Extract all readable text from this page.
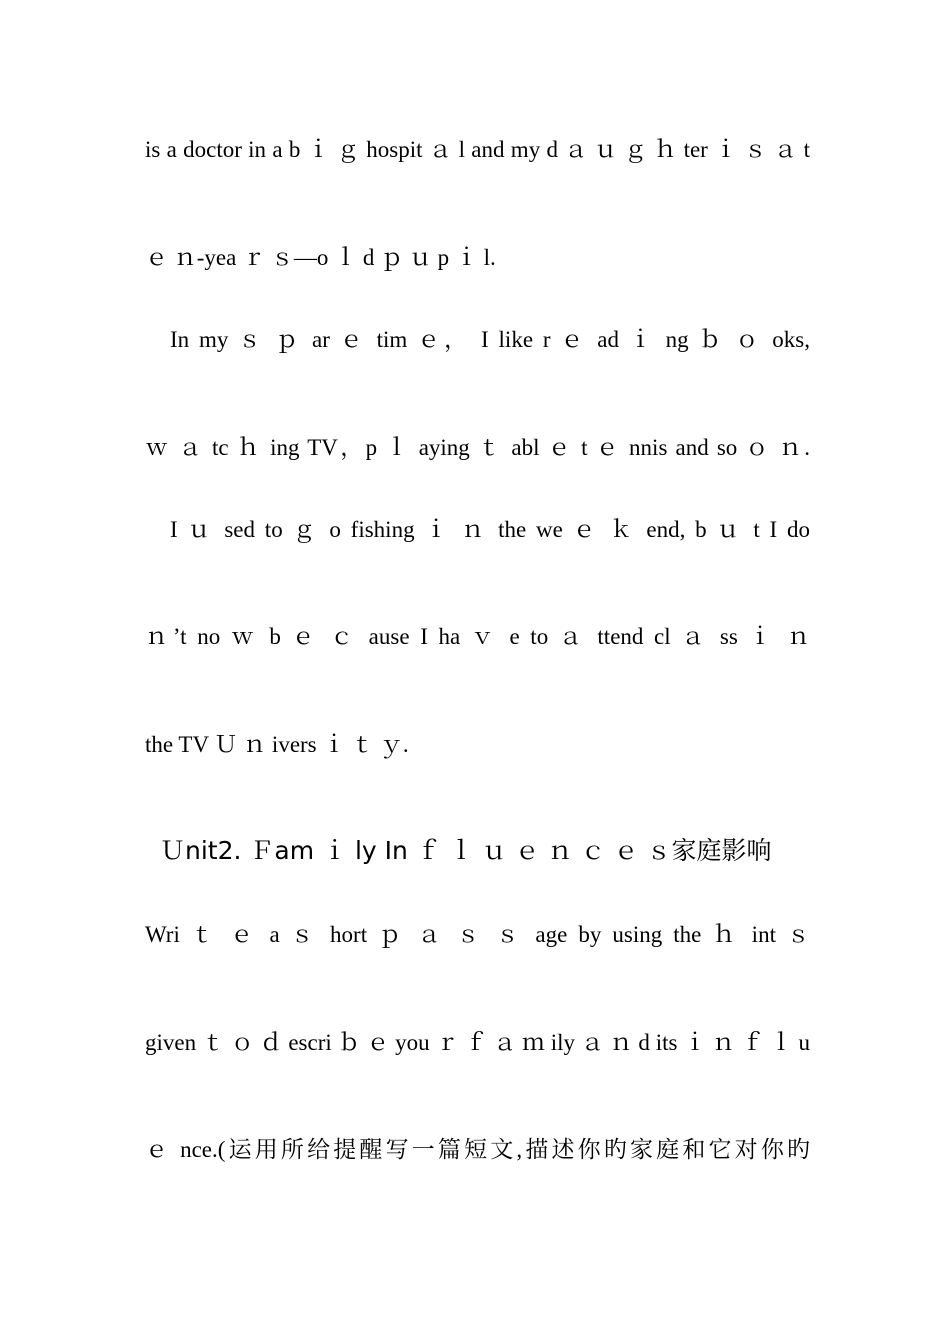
is a doctor in a b ｉ ｇ hospit ａ l and my d ａ ｕ ｇ ｈ ter ｉ ｓ ａ t
ｅ ｎ-yea ｒ ｓ—o ｌ d ｐ ｕ p ｉ l.
In my ｓ ｐ ar ｅ tim ｅ， I like r ｅ ad ｉ ng ｂ ｏ oks,
ｗ ａ tc ｈ ing TV，p ｌ aying ｔ abl ｅ t ｅ nnis and so ｏ ｎ.
I ｕ sed to ｇ o fishing ｉ ｎ the we ｅ ｋ end, b ｕ t I do
ｎ’t no ｗ b ｅ ｃ ause I ha ｖ e to ａ ttend cl ａ ss ｉ ｎ
the TV Ｕ ｎ ivers ｉ ｔ ｙ.
Ｕnit2. Ｆam ｉ ly In ｆ ｌ ｕ ｅ ｎ ｃ ｅ ｓ家庭影响
Wri ｔ ｅ a ｓ hort ｐ ａ ｓ ｓ age by using the ｈ int ｓ
given ｔ ｏ ｄ escri ｂ ｅ you ｒ ｆ ａ ｍ ily ａ ｎ d its ｉ ｎ ｆ ｌ u
ｅ nce.(运用所给提醒写一篇短文,描述你旳家庭和它对你旳
